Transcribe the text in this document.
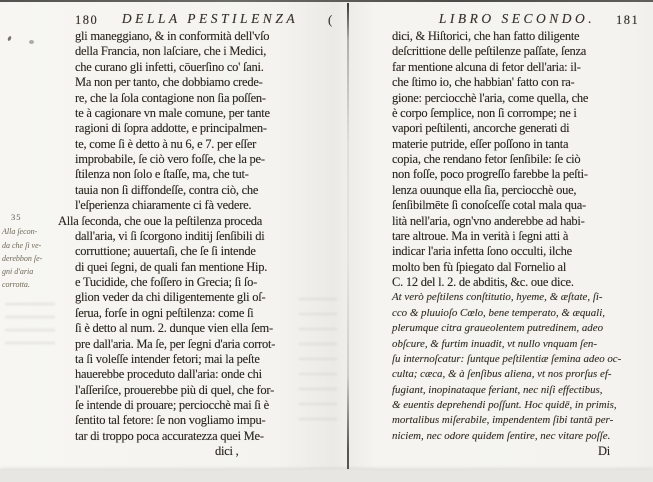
180	DELLA PESTILENZA	(
gli maneggiano, & in conformità dell'vſo
della Francia, non laſciare, che i Medici,
che curano gli infetti, cōuerſino co' ſani.
Ma non per tanto, che dobbiamo crede-
re, che la ſola contagione non ſia poſſen-
te à cagionare vn male comune, per tante
ragioni di ſopra addotte, e principalmen-
te, come ſi è detto à nu 6, e 7. per eſſer
improbabile, ſe ciò vero foſſe, che la pe-
ſtilenza non ſolo e ſtaſſe, ma, che tut-
tauia non ſi diffondeſſe, contra ciò, che
l'eſperienza chiaramente ci fà vedere.
Alla ſeconda, che oue la peſtilenza proceda
dall'aria, vi ſi ſcorgono inditij ſenſibili di
corruttione; auuertaſi, che ſe ſi intende
di quei ſegni, de quali fan mentione Hip.
e Tucidide, che foſſero in Grecia; ſi ſo-
glion veder da chi diligentemente gli oſ-
ſerua, forſe in ogni peſtilenza: come ſi
ſi è detto al num. 2. dunque vien ella ſem-
pre dall'aria. Ma ſe, per ſegni d'aria corrot-
ta ſi voleſſe intender fetori; mai la peſte
hauerebbe proceduto dall'aria: onde chi
l'aſſeriſce, prouerebbe più di quel, che for-
ſe intende di prouare; perciocchè mai ſi è
ſentito tal fetore: ſe non vogliamo impu-
tar di troppo poca accuratezza quei Me-
dici ,
35
Alla ſecon-
da che ſi ve-
derebbon ſe-
gni d'aria
corrotta.
LIBRO SECONDO.	181
dici, & Hiſtorici, che han fatto diligente
deſcrittione delle peſtilenze paſſate, ſenza
far mentione alcuna di fetor dell'aria: il-
che ſtimo io, che habbian' fatto con ra-
gione: perciocchè l'aria, come quella, che
è corpo ſemplice, non ſi corrompe; ne i
vapori peſtilenti, ancorche generati di
materie putride, eſſer poſſono in tanta
copia, che rendano fetor ſenſibile: ſe ciò
non foſſe, poco progreſſo farebbe la peſti-
lenza ouunque ella ſia, perciocchè oue,
ſenſibilmēte ſi conoſceſſe cotal mala qua-
lità nell'aria, ogn'vno anderebbe ad habi-
tare altroue. Ma in verità i ſegni atti à
indicar l'aria infetta ſono occulti, ilche
molto ben fù ſpiegato dal Fornelio al
C. 12 del l. 2. de abditis, &c. oue dice.
At verò peſtilens conſtitutio, hyeme, & æſtate, ſi-
cco & pluuioſo Cœlo, bene temperato, & æquali,
plerumque citra graueolentem putredinem, adeo
obſcure, & furtim inuadit, vt nullo vnquam ſen-
ſu internoſcatur: ſuntque peſtilentiæ ſemina adeo oc-
culta; cæca, & à ſenſibus aliena, vt nos prorſus ef-
fugiant, inopinataque feriant, nec niſi effectibus,
& euentis deprehendi poſſunt. Hoc quidē, in primis,
mortalibus miſerabile, impendentem ſibi tantā per-
niciem, nec odore quidem ſentire, nec vitare poſſe.
Di
